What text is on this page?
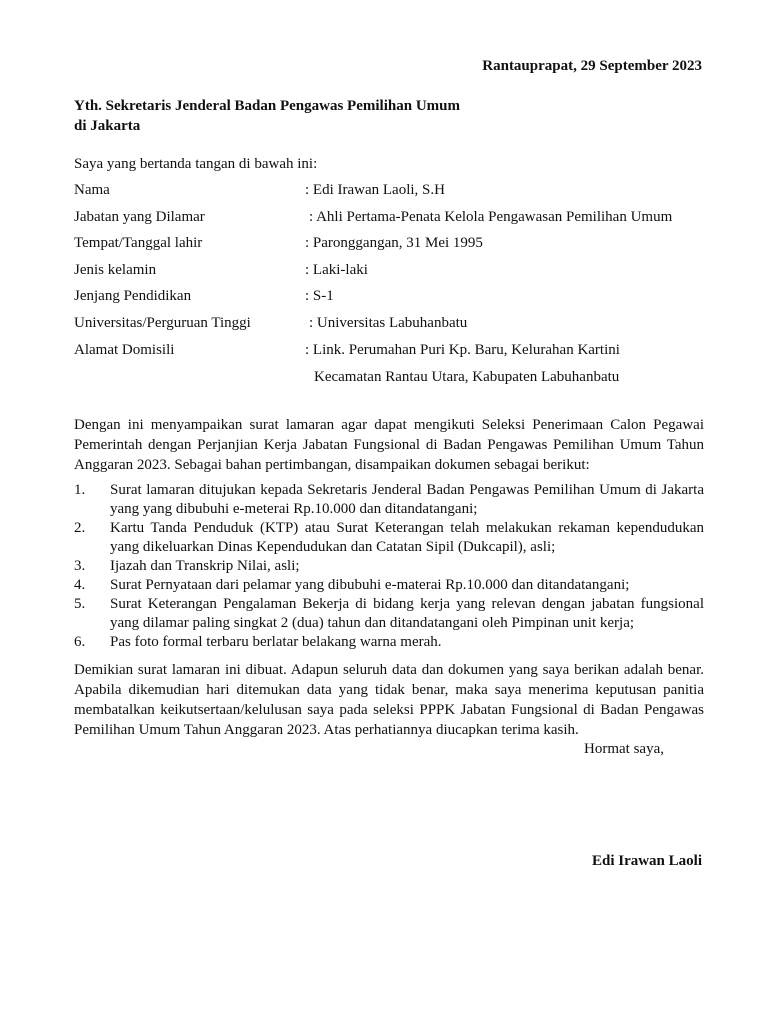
Rantauprapat, 29 September 2023
Yth. Sekretaris Jenderal Badan Pengawas Pemilihan Umum
di Jakarta
Saya yang bertanda tangan di bawah ini:
Nama	: Edi Irawan Laoli, S.H
Jabatan yang Dilamar	: Ahli Pertama-Penata Kelola Pengawasan Pemilihan Umum
Tempat/Tanggal lahir	: Paronggangan, 31 Mei 1995
Jenis kelamin	: Laki-laki
Jenjang Pendidikan	: S-1
Universitas/Perguruan Tinggi	: Universitas Labuhanbatu
Alamat Domisili	: Link. Perumahan Puri Kp. Baru, Kelurahan Kartini
Kecamatan Rantau Utara, Kabupaten Labuhanbatu
Dengan ini menyampaikan surat lamaran agar dapat mengikuti Seleksi Penerimaan Calon Pegawai Pemerintah dengan Perjanjian Kerja Jabatan Fungsional di Badan Pengawas Pemilihan Umum Tahun Anggaran 2023. Sebagai bahan pertimbangan, disampaikan dokumen sebagai berikut:
1. Surat lamaran ditujukan kepada Sekretaris Jenderal Badan Pengawas Pemilihan Umum di Jakarta yang yang dibubuhi e-meterai Rp.10.000 dan ditandatangani;
2. Kartu Tanda Penduduk (KTP) atau Surat Keterangan telah melakukan rekaman kependudukan yang dikeluarkan Dinas Kependudukan dan Catatan Sipil (Dukcapil), asli;
3. Ijazah dan Transkrip Nilai, asli;
4. Surat Pernyataan dari pelamar yang dibubuhi e-materai Rp.10.000 dan ditandatangani;
5. Surat Keterangan Pengalaman Bekerja di bidang kerja yang relevan dengan jabatan fungsional yang dilamar paling singkat 2 (dua) tahun dan ditandatangani oleh Pimpinan unit kerja;
6. Pas foto formal terbaru berlatar belakang warna merah.
Demikian surat lamaran ini dibuat. Adapun seluruh data dan dokumen yang saya berikan adalah benar. Apabila dikemudian hari ditemukan data yang tidak benar, maka saya menerima keputusan panitia membatalkan keikutsertaan/kelulusan saya pada seleksi PPPK Jabatan Fungsional di Badan Pengawas Pemilihan Umum Tahun Anggaran 2023. Atas perhatiannya diucapkan terima kasih.
Hormat saya,
Edi Irawan Laoli
